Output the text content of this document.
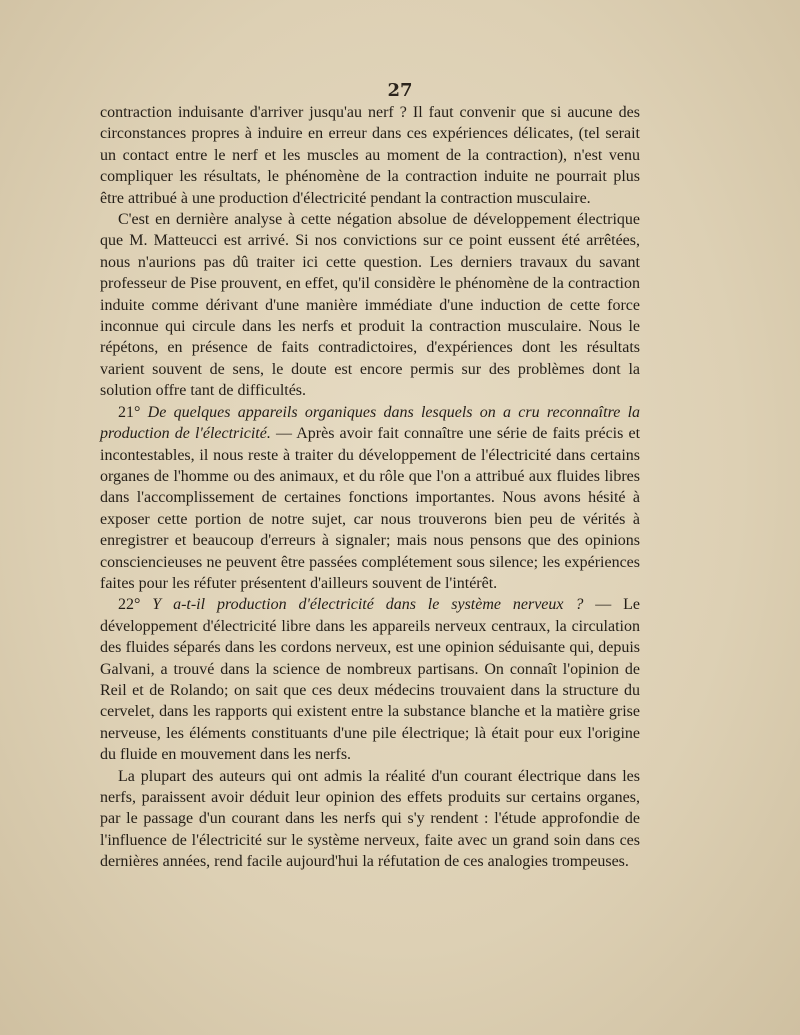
27

contraction induisante d'arriver jusqu'au nerf ? Il faut convenir que si aucune des circonstances propres à induire en erreur dans ces expériences délicates, (tel serait un contact entre le nerf et les muscles au moment de la contraction), n'est venu compliquer les résultats, le phénomène de la contraction induite ne pourrait plus être attribué à une production d'électricité pendant la contraction musculaire.

C'est en dernière analyse à cette négation absolue de développement électrique que M. Matteucci est arrivé. Si nos convictions sur ce point eussent été arrêtées, nous n'aurions pas dû traiter ici cette question. Les derniers travaux du savant professeur de Pise prouvent, en effet, qu'il considère le phénomène de la contraction induite comme dérivant d'une manière immédiate d'une induction de cette force inconnue qui circule dans les nerfs et produit la contraction musculaire. Nous le répétons, en présence de faits contradictoires, d'expériences dont les résultats varient souvent de sens, le doute est encore permis sur des problèmes dont la solution offre tant de difficultés.

21° De quelques appareils organiques dans lesquels on a cru reconnaître la production de l'électricité. — Après avoir fait connaître une série de faits précis et incontestables, il nous reste à traiter du développement de l'électricité dans certains organes de l'homme ou des animaux, et du rôle que l'on a attribué aux fluides libres dans l'accomplissement de certaines fonctions importantes. Nous avons hésité à exposer cette portion de notre sujet, car nous trouverons bien peu de vérités à enregistrer et beaucoup d'erreurs à signaler; mais nous pensons que des opinions consciencieuses ne peuvent être passées complétement sous silence; les expériences faites pour les réfuter présentent d'ailleurs souvent de l'intérêt.

22° Y a-t-il production d'électricité dans le système nerveux ? — Le développement d'électricité libre dans les appareils nerveux centraux, la circulation des fluides séparés dans les cordons nerveux, est une opinion séduisante qui, depuis Galvani, a trouvé dans la science de nombreux partisans. On connaît l'opinion de Reil et de Rolando; on sait que ces deux médecins trouvaient dans la structure du cervelet, dans les rapports qui existent entre la substance blanche et la matière grise nerveuse, les éléments constituants d'une pile électrique; là était pour eux l'origine du fluide en mouvement dans les nerfs.

La plupart des auteurs qui ont admis la réalité d'un courant électrique dans les nerfs, paraissent avoir déduit leur opinion des effets produits sur certains organes, par le passage d'un courant dans les nerfs qui s'y rendent : l'étude approfondie de l'influence de l'électricité sur le système nerveux, faite avec un grand soin dans ces dernières années, rend facile aujourd'hui la réfutation de ces analogies trompeuses.
